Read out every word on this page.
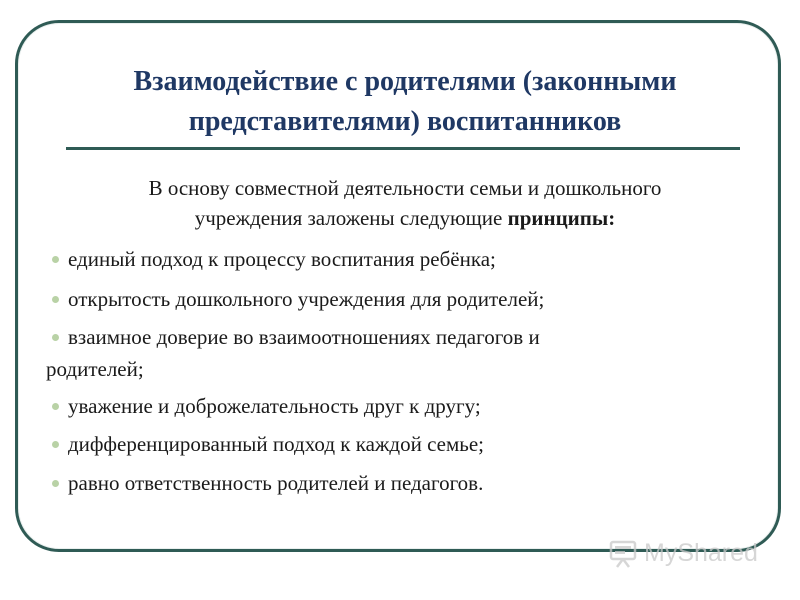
Взаимодействие с родителями (законными
представителями) воспитанников
В основу совместной деятельности семьи и дошкольного
учреждения заложены следующие принципы:
единый подход к процессу воспитания ребёнка;
открытость дошкольного учреждения для родителей;
взаимное доверие во взаимоотношениях педагогов и
родителей;
уважение и доброжелательность друг к другу;
дифференцированный подход к каждой семье;
равно ответственность родителей и педагогов.
MyShared
